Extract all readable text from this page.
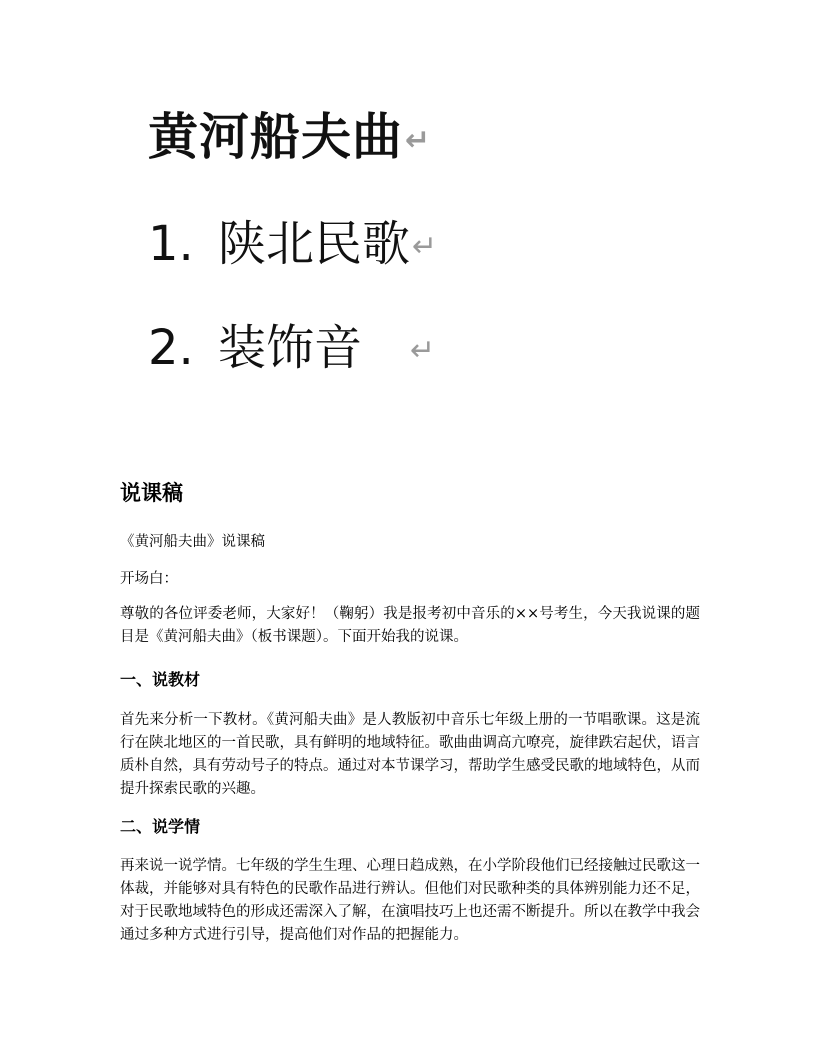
黄河船夫曲↵
1. 陕北民歌↵
2. 装饰音 ↵
说课稿

《黄河船夫曲》说课稿

开场白：

尊敬的各位评委老师，大家好！（鞠躬）我是报考初中音乐的××号考生，今天我说课的题目是《黄河船夫曲》（板书课题）。下面开始我的说课。

一、说教材

首先来分析一下教材。《黄河船夫曲》是人教版初中音乐七年级上册的一节唱歌课。这是流行在陕北地区的一首民歌，具有鲜明的地域特征。歌曲曲调高亢嘹亮，旋律跌宕起伏，语言质朴自然，具有劳动号子的特点。通过对本节课学习，帮助学生感受民歌的地域特色，从而提升探索民歌的兴趣。

二、说学情

再来说一说学情。七年级的学生生理、心理日趋成熟，在小学阶段他们已经接触过民歌这一体裁，并能够对具有特色的民歌作品进行辨认。但他们对民歌种类的具体辨别能力还不足，对于民歌地域特色的形成还需深入了解，在演唱技巧上也还需不断提升。所以在教学中我会通过多种方式进行引导，提高他们对作品的把握能力。
